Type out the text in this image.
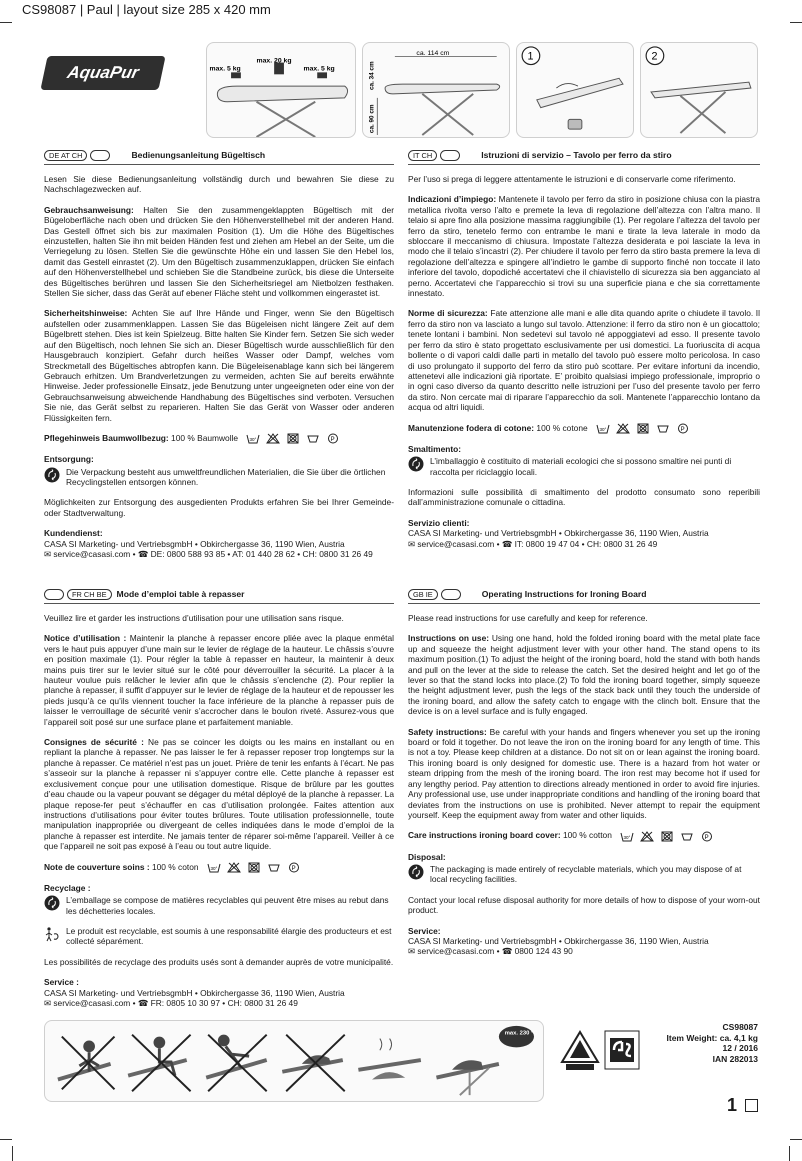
CS98087 | Paul | layout size 285 x 420 mm
AquaPur	max. 5 kg
max. 20 kg
max. 5 kg
ca. 114 cm
ca. 34 cm
ca. 90 cm
1	2
DE AT CH	Bedienungsanleitung Bügeltisch

Lesen Sie diese Bedienungsanleitung vollständig durch und bewahren Sie diese zu Nachschlagezwecken auf.

Gebrauchsanweisung: Halten Sie den zusammengeklappten Bügeltisch mit der Bügeloberfläche nach oben und drücken Sie den Höhenverstellhebel mit der anderen Hand. Das Gestell öffnet sich bis zur maximalen Position (1). Um die Höhe des Bügeltisches einzustellen, halten Sie ihn mit beiden Händen fest und ziehen am Hebel an der Seite, um die Verriegelung zu lösen. Stellen Sie die gewünschte Höhe ein und lassen Sie den Hebel los, damit das Gestell einrastet (2). Um den Bügeltisch zusammenzuklappen, drücken Sie einfach auf den Höhenverstellhebel und schieben Sie die Standbeine zurück, bis diese die Unterseite des Bügeltisches berühren und lassen Sie den Sicherheitsriegel am Nietbolzen festhaken. Stellen Sie sicher, dass das Gerät auf ebener Fläche steht und vollkommen eingerastet ist.

Sicherheitshinweise: Achten Sie auf Ihre Hände und Finger, wenn Sie den Bügeltisch aufstellen oder zusammenklappen. Lassen Sie das Bügeleisen nicht längere Zeit auf dem Bügelbrett stehen. Dies ist kein Spielzeug. Bitte halten Sie Kinder fern. Setzen Sie sich weder auf den Bügeltisch, noch lehnen Sie sich an. Dieser Bügeltisch wurde ausschließlich für den Hausgebrauch konzipiert. Gefahr durch heißes Wasser oder Dampf, welches vom Streckmetall des Bügeltisches abtropfen kann. Die Bügeleisenablage kann sich bei längerem Gebrauch erhitzen. Um Brandverletzungen zu vermeiden, achten Sie auf bereits erwähnte Hinweise. Jeder professionelle Einsatz, jede Benutzung unter ungeeigneten oder eine von der Gebrauchsanweisung abweichende Handhabung des Bügeltisches sind verboten. Versuchen Sie nie, das Gerät selbst zu reparieren. Halten Sie das Gerät von Wasser oder anderen Flüssigkeiten fern.

Pflegehinweis Baumwollbezug: 100 % Baumwolle	30°	P

Entsorgung:

Die Verpackung besteht aus umweltfreundlichen Materialien, die Sie über die örtlichen Recyclingstellen entsorgen können.

Möglichkeiten zur Entsorgung des ausgedienten Produkts erfahren Sie bei Ihrer Gemeinde- oder Stadtverwaltung.

Kundendienst:
CASA SI Marketing- und VertriebsgmbH • Obkirchergasse 36, 1190 Wien, Austria
✉ service@casasi.com • ☎ DE: 0800 588 93 85 • AT: 01 440 28 62 • CH: 0800 31 26 49

FR CH BE	Mode d’emploi table à repasser

Veuillez lire et garder les instructions d’utilisation pour une utilisation sans risque.

Notice d’utilisation : Maintenir la planche à repasser encore pliée avec la plaque enmétal vers le haut puis appuyer d’une main sur le levier de réglage de la hauteur. Le châssis s’ouvre en position maximale (1). Pour régler la table à repasser en hauteur, la maintenir à deux mains puis tirer sur le levier situé sur le côté pour déverrouiller la sécurité. La placer à la hauteur voulue puis relâcher le levier afin que le châssis s’enclenche (2). Pour replier la planche à repasser, il suffit d’appuyer sur le levier de réglage de la hauteur et de repousser les pieds jusqu’à ce qu’ils viennent toucher la face inférieure de la planche à repasser puis de laisser le verrouillage de sécurité venir s’accrocher dans le boulon riveté. Assurez-vous que l’appareil soit posé sur une surface plane et parfaitement maniable.

Consignes de sécurité : Ne pas se coincer les doigts ou les mains en installant ou en repliant la planche à repasser. Ne pas laisser le fer à repasser reposer trop longtemps sur la planche à repasser. Ce matériel n’est pas un jouet. Prière de tenir les enfants à l’écart. Ne pas s’asseoir sur la planche à repasser ni s’appuyer contre elle. Cette planche à repasser est exclusivement conçue pour une utilisation domestique. Risque de brûlure par les gouttes d’eau chaude ou la vapeur pouvant se dégager du métal déployé de la planche à repasser. La plaque repose-fer peut s’échauffer en cas d’utilisation prolongée. Faites attention aux instructions d’utilisations pour éviter toutes brûlures. Toute utilisation professionnelle, toute manipulation inappropriée ou divergeant de celles indiquées dans le mode d’emploi de la planche à repasser est interdite. Ne jamais tenter de réparer soi-même l’appareil. Veiller à ce que l’appareil ne soit pas exposé à l’eau ou tout autre liquide.

Note de couverture soins : 100 % coton	30°	P

Recyclage :

L’emballage se compose de matières recyclables qui peuvent être mises au rebut dans les déchetteries locales.
Le produit est recyclable, est soumis à une responsabilité élargie des producteurs et est collecté séparément.

Les possibilités de recyclage des produits usés sont à demander auprès de votre municipalité.

Service :
CASA SI Marketing- und VertriebsgmbH • Obkirchergasse 36, 1190 Wien, Austria
✉ service@casasi.com • ☎ FR: 0805 10 30 97 • CH: 0800 31 26 49

IT CH	Istruzioni di servizio – Tavolo per ferro da stiro

Per l’uso si prega di leggere attentamente le istruzioni e di conservarle come riferimento.

Indicazioni d’impiego: Mantenete il tavolo per ferro da stiro in posizione chiusa con la piastra metallica rivolta verso l’alto e premete la leva di regolazione dell’altezza con l’altra mano. Il telaio si apre fino alla posizione massima raggiungibile (1). Per regolare l’altezza del tavolo per ferro da stiro, tenetelo fermo con entrambe le mani e tirate la leva laterale in modo da sbloccare il meccanismo di chiusura. Impostate l’altezza desiderata e poi lasciate la leva in modo che il telaio s’incastri (2). Per chiudere il tavolo per ferro da stiro basta premere la leva di regolazione dell’altezza e spingere all’indietro le gambe di supporto finché non toccate il lato inferiore del tavolo, dopodiché accertatevi che il chiavistello di sicurezza sia ben agganciato al perno. Accertatevi che l’apparecchio si trovi su una superficie piana e che sia correttamente innestato.

Norme di sicurezza: Fate attenzione alle mani e alle dita quando aprite o chiudete il tavolo. Il ferro da stiro non va lasciato a lungo sul tavolo. Attenzione: il ferro da stiro non è un giocattolo; tenete lontani i bambini. Non sedetevi sul tavolo né appoggiatevi ad esso. Il presente tavolo per ferro da stiro è stato progettato esclusivamente per usi domestici. La fuoriuscita di acqua bollente o di vapori caldi dalle parti in metallo del tavolo può essere molto pericolosa. In caso di uso prolungato il supporto del ferro da stiro può scottare. Per evitare infortuni da incendio, attenetevi alle indicazioni già riportate. E’ proibito qualsiasi impiego professionale, improprio o in ogni caso diverso da quanto descritto nelle istruzioni per l’uso del presente tavolo per ferro da stiro. Non cercate mai di riparare l’apparecchio da soli. Mantenete l’apparecchio lontano da acqua od altri liquidi.

Manutenzione fodera di cotone: 100 % cotone	30°	P

Smaltimento:

L’imballaggio è costituito di materiali ecologici che si possono smaltire nei punti di raccolta per riciclaggio locali.

Informazioni sulle possibilità di smaltimento del prodotto consumato sono reperibili dall’amministrazione comunale o cittadina.

Servizio clienti:
CASA SI Marketing- und VertriebsgmbH • Obkirchergasse 36, 1190 Wien, Austria
✉ service@casasi.com • ☎ IT: 0800 19 47 04 • CH: 0800 31 26 49

GB IE	Operating Instructions for Ironing Board

Please read instructions for use carefully and keep for reference.

Instructions on use: Using one hand, hold the folded ironing board with the metal plate face up and squeeze the height adjustment lever with your other hand. The stand opens to its maximum position.(1) To adjust the height of the ironing board, hold the stand with both hands and pull on the lever at the side to release the catch. Set the desired height and let go of the lever so that the stand locks into place.(2) To fold the ironing board together, simply squeeze the height adjustment lever, push the legs of the stack back until they touch the underside of the ironing board, and allow the safety catch to engage with the clinch bolt. Ensure that the device is on a level surface and is fully engaged.

Safety instructions: Be careful with your hands and fingers whenever you set up the ironing board or fold it together. Do not leave the iron on the ironing board for any length of time. This is not a toy. Please keep children at a distance. Do not sit on or lean against the ironing board. This ironing board is only designed for domestic use. There is a hazard from hot water or steam dripping from the mesh of the ironing board. The iron rest may become hot if used for any lengthy period. Pay attention to directions already mentioned in order to avoid fire injuries. Any professional use, use under inappropriate conditions and handling of the ironing board that deviates from the instructions on use is prohibited. Never attempt to repair the equipment yourself. Keep the equipment away from water and other liquids.

Care instructions ironing board cover: 100 % cotton	30°	P

Disposal:

The packaging is made entirely of recyclable materials, which you may dispose of at local recycling facilities.

Contact your local refuse disposal authority for more details of how to dispose of your worn-out product.

Service:
CASA SI Marketing- und VertriebsgmbH • Obkirchergasse 36, 1190 Wien, Austria
✉ service@casasi.com • ☎ 0800 124 43 90

max. 230 °C
CS98087
Item Weight: ca. 4,1 kg
12 / 2016
IAN 282013
1
